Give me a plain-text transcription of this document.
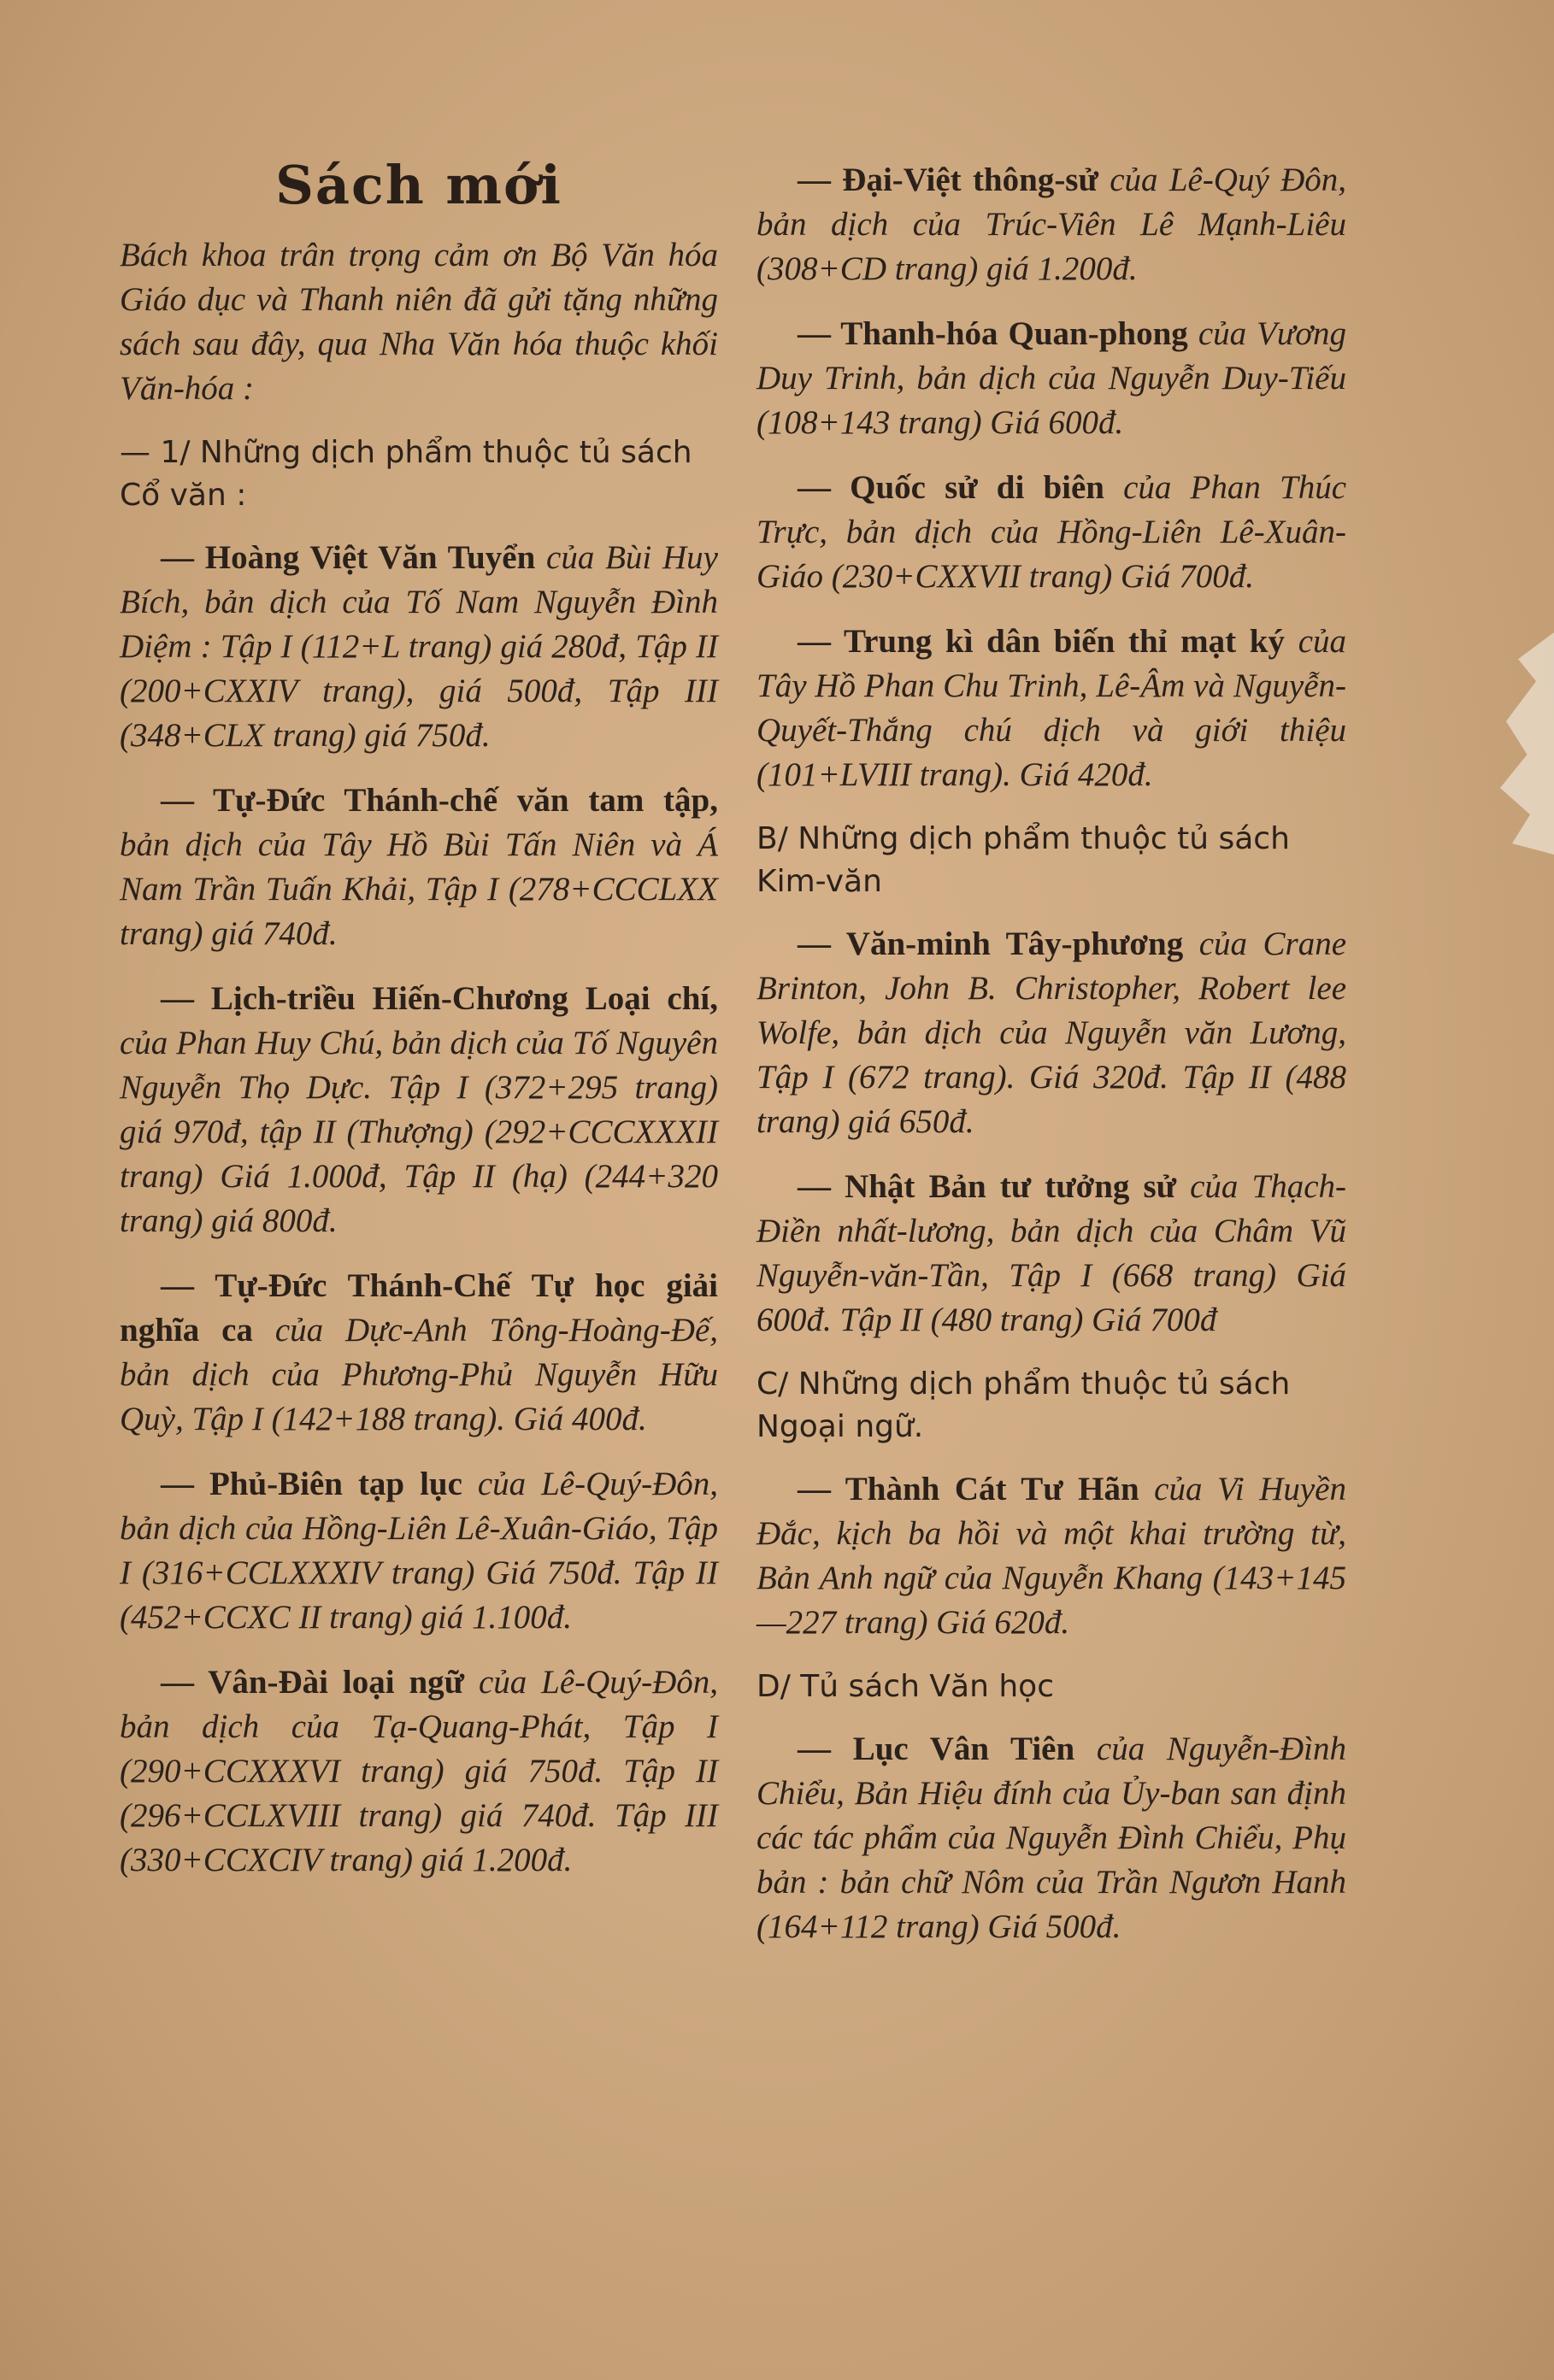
Sách mới

Bách khoa trân trọng cảm ơn Bộ Văn hóa Giáo dục và Thanh niên đã gửi tặng những sách sau đây, qua Nha Văn hóa thuộc khối Văn-hóa :

— 1/ Những dịch phẩm thuộc tủ sách Cổ văn :

— Hoàng Việt Văn Tuyển của Bùi Huy Bích, bản dịch của Tố Nam Nguyễn Đình Diệm : Tập I (112+L trang) giá 280đ, Tập II (200+CXXIV trang), giá 500đ, Tập III (348+CLX trang) giá 750đ.

— Tự-Đức Thánh-chế văn tam tập, bản dịch của Tây Hồ Bùi Tấn Niên và Á Nam Trần Tuấn Khải, Tập I (278+CCCLXX trang) giá 740đ.

— Lịch-triều Hiến-Chương Loại chí, của Phan Huy Chú, bản dịch của Tố Nguyên Nguyễn Thọ Dực. Tập I (372+295 trang) giá 970đ, tập II (Thượng) (292+CCCXXXII trang) Giá 1.000đ, Tập II (hạ) (244+320 trang) giá 800đ.

— Tự-Đức Thánh-Chế Tự học giải nghĩa ca của Dực-Anh Tông-Hoàng-Đế, bản dịch của Phương-Phủ Nguyễn Hữu Quỳ, Tập I (142+188 trang). Giá 400đ.

— Phủ-Biên tạp lục của Lê-Quý-Đôn, bản dịch của Hồng-Liên Lê-Xuân-Giáo, Tập I (316+CCLXXXIV trang) Giá 750đ. Tập II (452+CCXC II trang) giá 1.100đ.

— Vân-Đài loại ngữ của Lê-Quý-Đôn, bản dịch của Tạ-Quang-Phát, Tập I (290+CCXXXVI trang) giá 750đ. Tập II (296+CCLXVIII trang) giá 740đ. Tập III (330+CCXCIV trang) giá 1.200đ.

— Đại-Việt thông-sử của Lê-Quý Đôn, bản dịch của Trúc-Viên Lê Mạnh-Liêu (308+CD trang) giá 1.200đ.

— Thanh-hóa Quan-phong của Vương Duy Trinh, bản dịch của Nguyễn Duy-Tiếu (108+143 trang) Giá 600đ.

— Quốc sử di biên của Phan Thúc Trực, bản dịch của Hồng-Liên Lê-Xuân-Giáo (230+CXXVII trang) Giá 700đ.

— Trung kì dân biến thỉ mạt ký của Tây Hồ Phan Chu Trinh, Lê-Âm và Nguyễn-Quyết-Thắng chú dịch và giới thiệu (101+LVIII trang). Giá 420đ.

B/ Những dịch phẩm thuộc tủ sách Kim-văn

— Văn-minh Tây-phương của Crane Brinton, John B. Christopher, Robert lee Wolfe, bản dịch của Nguyễn văn Lương, Tập I (672 trang). Giá 320đ. Tập II (488 trang) giá 650đ.

— Nhật Bản tư tưởng sử của Thạch-Điền nhất-lương, bản dịch của Châm Vũ Nguyễn-văn-Tần, Tập I (668 trang) Giá 600đ. Tập II (480 trang) Giá 700đ

C/ Những dịch phẩm thuộc tủ sách Ngoại ngữ.

— Thành Cát Tư Hãn của Vi Huyền Đắc, kịch ba hồi và một khai trường từ, Bản Anh ngữ của Nguyễn Khang (143+145—227 trang) Giá 620đ.

D/ Tủ sách Văn học

— Lục Vân Tiên của Nguyễn-Đình Chiểu, Bản Hiệu đính của Ủy-ban san định các tác phẩm của Nguyễn Đình Chiểu, Phụ bản : bản chữ Nôm của Trần Ngươn Hanh (164+112 trang) Giá 500đ.
